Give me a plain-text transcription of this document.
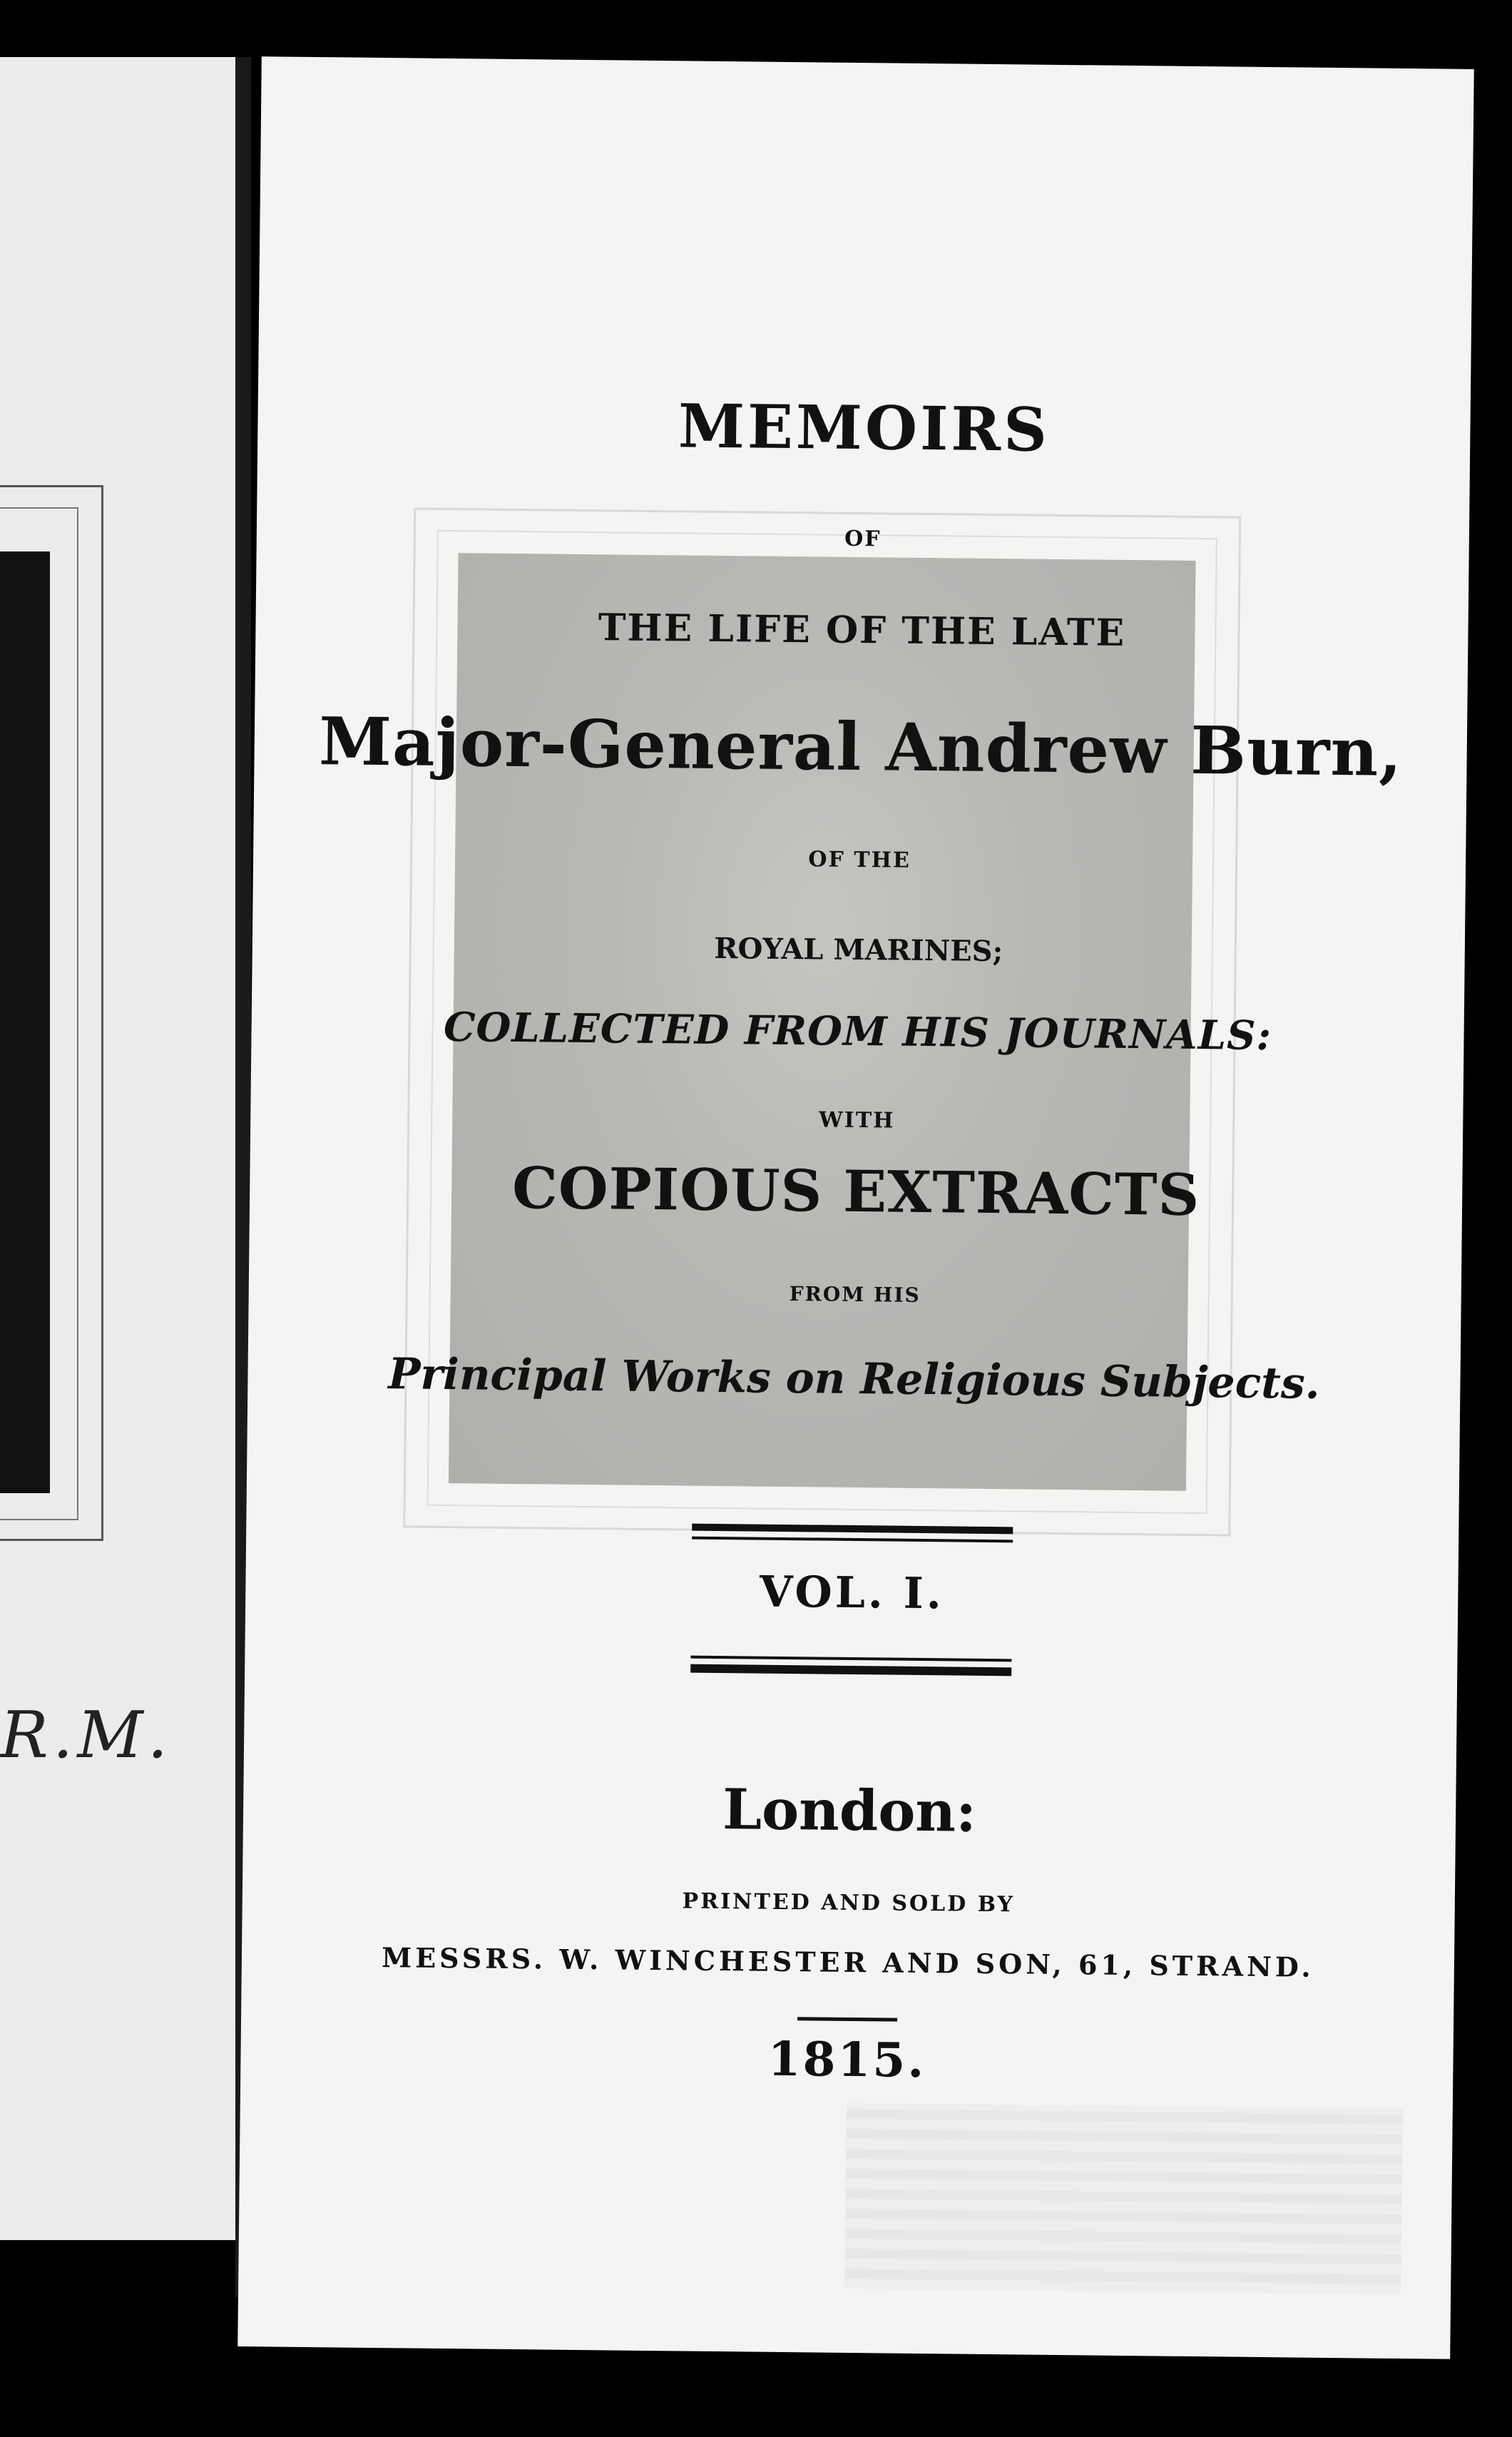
R.M.
MEMOIRS
OF
THE LIFE OF THE LATE
Major-General Andrew Burn,
OF THE
ROYAL MARINES;
COLLECTED FROM HIS JOURNALS:
WITH
COPIOUS EXTRACTS
FROM HIS
Principal Works on Religious Subjects.
VOL. I.
London:
PRINTED AND SOLD BY
MESSRS. W. WINCHESTER AND SON, 61, STRAND.
1815.
